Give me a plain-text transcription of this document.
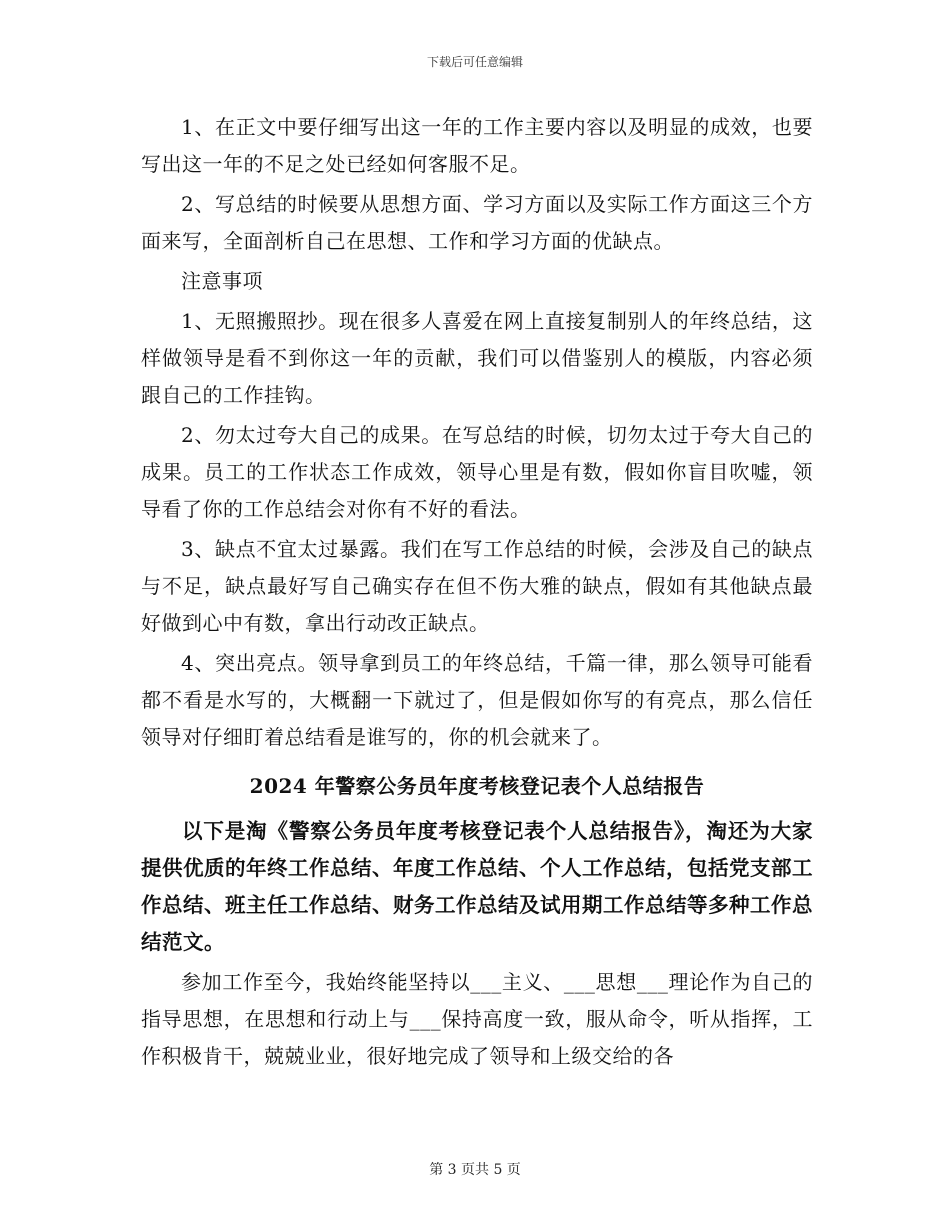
下载后可任意编辑

1、在正文中要仔细写出这一年的工作主要内容以及明显的成效，也要写出这一年的不足之处已经如何客服不足。

2、写总结的时候要从思想方面、学习方面以及实际工作方面这三个方面来写，全面剖析自己在思想、工作和学习方面的优缺点。

注意事项

1、无照搬照抄。现在很多人喜爱在网上直接复制别人的年终总结，这样做领导是看不到你这一年的贡献，我们可以借鉴别人的模版，内容必须跟自己的工作挂钩。

2、勿太过夸大自己的成果。在写总结的时候，切勿太过于夸大自己的成果。员工的工作状态工作成效，领导心里是有数，假如你盲目吹嘘，领导看了你的工作总结会对你有不好的看法。

3、缺点不宜太过暴露。我们在写工作总结的时候，会涉及自己的缺点与不足，缺点最好写自己确实存在但不伤大雅的缺点，假如有其他缺点最好做到心中有数，拿出行动改正缺点。

4、突出亮点。领导拿到员工的年终总结，千篇一律，那么领导可能看都不看是水写的，大概翻一下就过了，但是假如你写的有亮点，那么信任领导对仔细盯着总结看是谁写的，你的机会就来了。

2024 年警察公务员年度考核登记表个人总结报告

以下是淘《警察公务员年度考核登记表个人总结报告》，淘还为大家提供优质的年终工作总结、年度工作总结、个人工作总结，包括党支部工作总结、班主任工作总结、财务工作总结及试用期工作总结等多种工作总结范文。

参加工作至今，我始终能坚持以___主义、___思想___理论作为自己的指导思想，在思想和行动上与___保持高度一致，服从命令，听从指挥，工作积极肯干，兢兢业业，很好地完成了领导和上级交给的各

第 3 页共 5 页
